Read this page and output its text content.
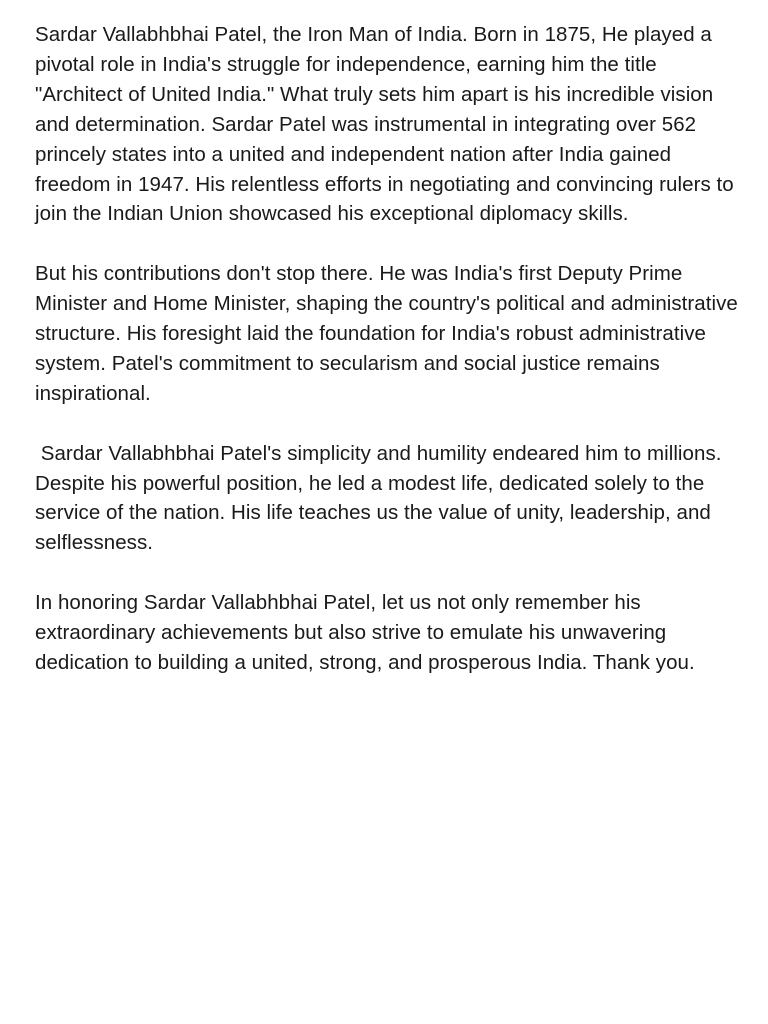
Sardar Vallabhbhai Patel, the Iron Man of India. Born in 1875, He played a pivotal role in India's struggle for independence, earning him the title "Architect of United India." What truly sets him apart is his incredible vision and determination. Sardar Patel was instrumental in integrating over 562 princely states into a united and independent nation after India gained freedom in 1947. His relentless efforts in negotiating and convincing rulers to join the Indian Union showcased his exceptional diplomacy skills.

But his contributions don't stop there. He was India's first Deputy Prime Minister and Home Minister, shaping the country's political and administrative structure. His foresight laid the foundation for India's robust administrative system. Patel's commitment to secularism and social justice remains inspirational.

Sardar Vallabhbhai Patel's simplicity and humility endeared him to millions. Despite his powerful position, he led a modest life, dedicated solely to the service of the nation. His life teaches us the value of unity, leadership, and selflessness.

In honoring Sardar Vallabhbhai Patel, let us not only remember his extraordinary achievements but also strive to emulate his unwavering dedication to building a united, strong, and prosperous India. Thank you.
